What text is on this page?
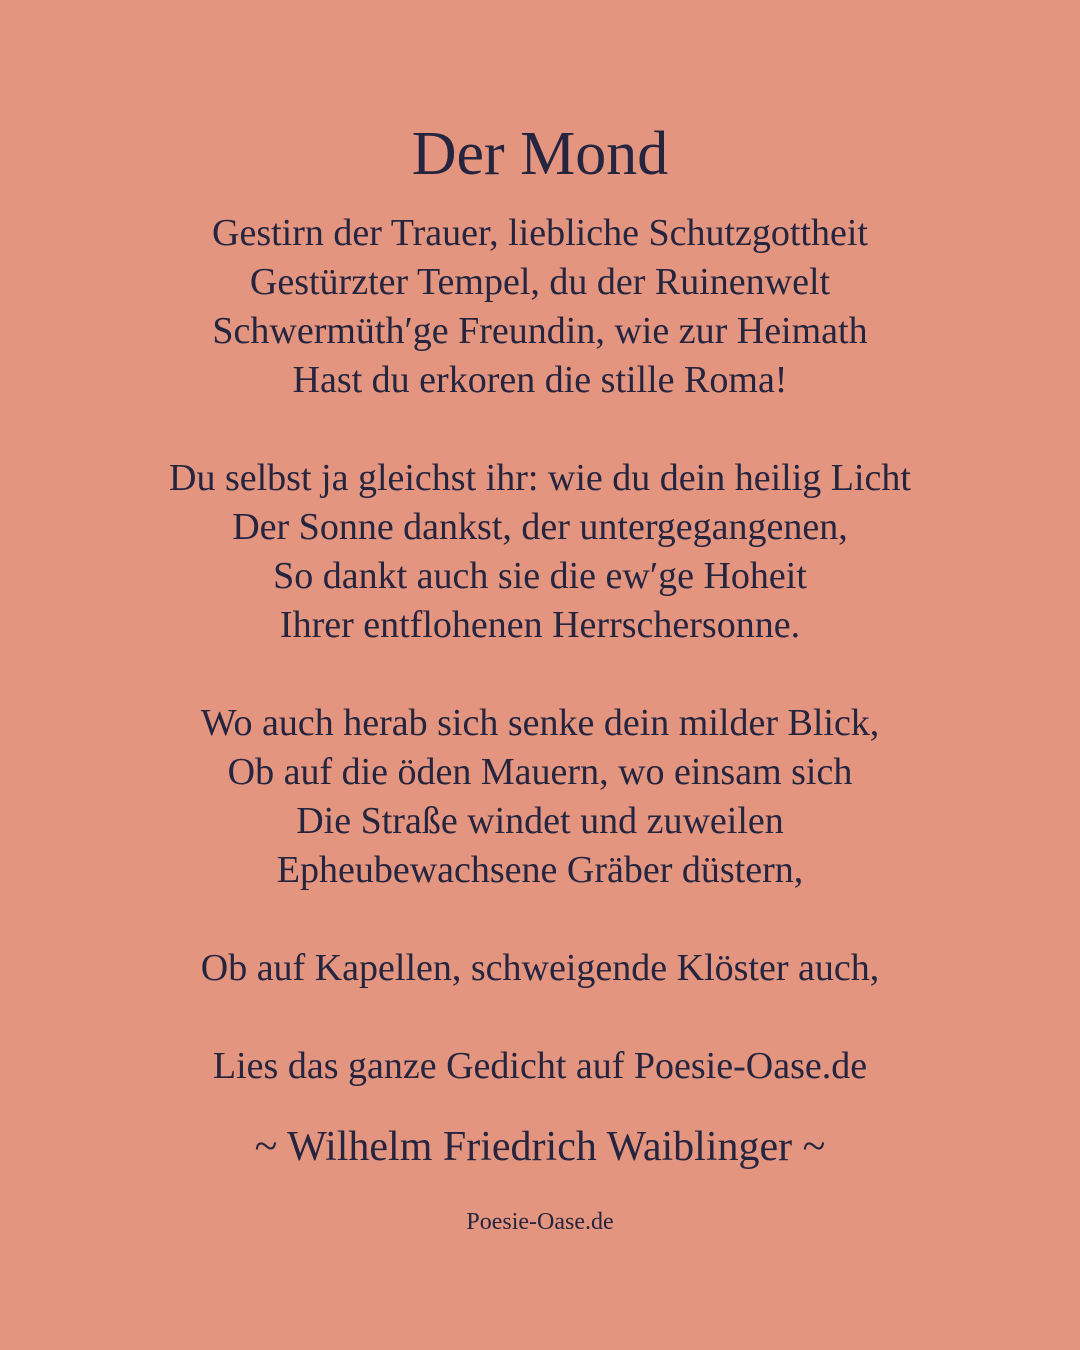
Der Mond
Gestirn der Trauer, liebliche Schutzgottheit
Gestürzter Tempel, du der Ruinenwelt
Schwermüth′ge Freundin, wie zur Heimath
Hast du erkoren die stille Roma!
Du selbst ja gleichst ihr: wie du dein heilig Licht
Der Sonne dankst, der untergegangenen,
So dankt auch sie die ew′ge Hoheit
Ihrer entflohenen Herrschersonne.
Wo auch herab sich senke dein milder Blick,
Ob auf die öden Mauern, wo einsam sich
Die Straße windet und zuweilen
Epheubewachsene Gräber düstern,
Ob auf Kapellen, schweigende Klöster auch,
Lies das ganze Gedicht auf Poesie-Oase.de
~ Wilhelm Friedrich Waiblinger ~
Poesie-Oase.de
